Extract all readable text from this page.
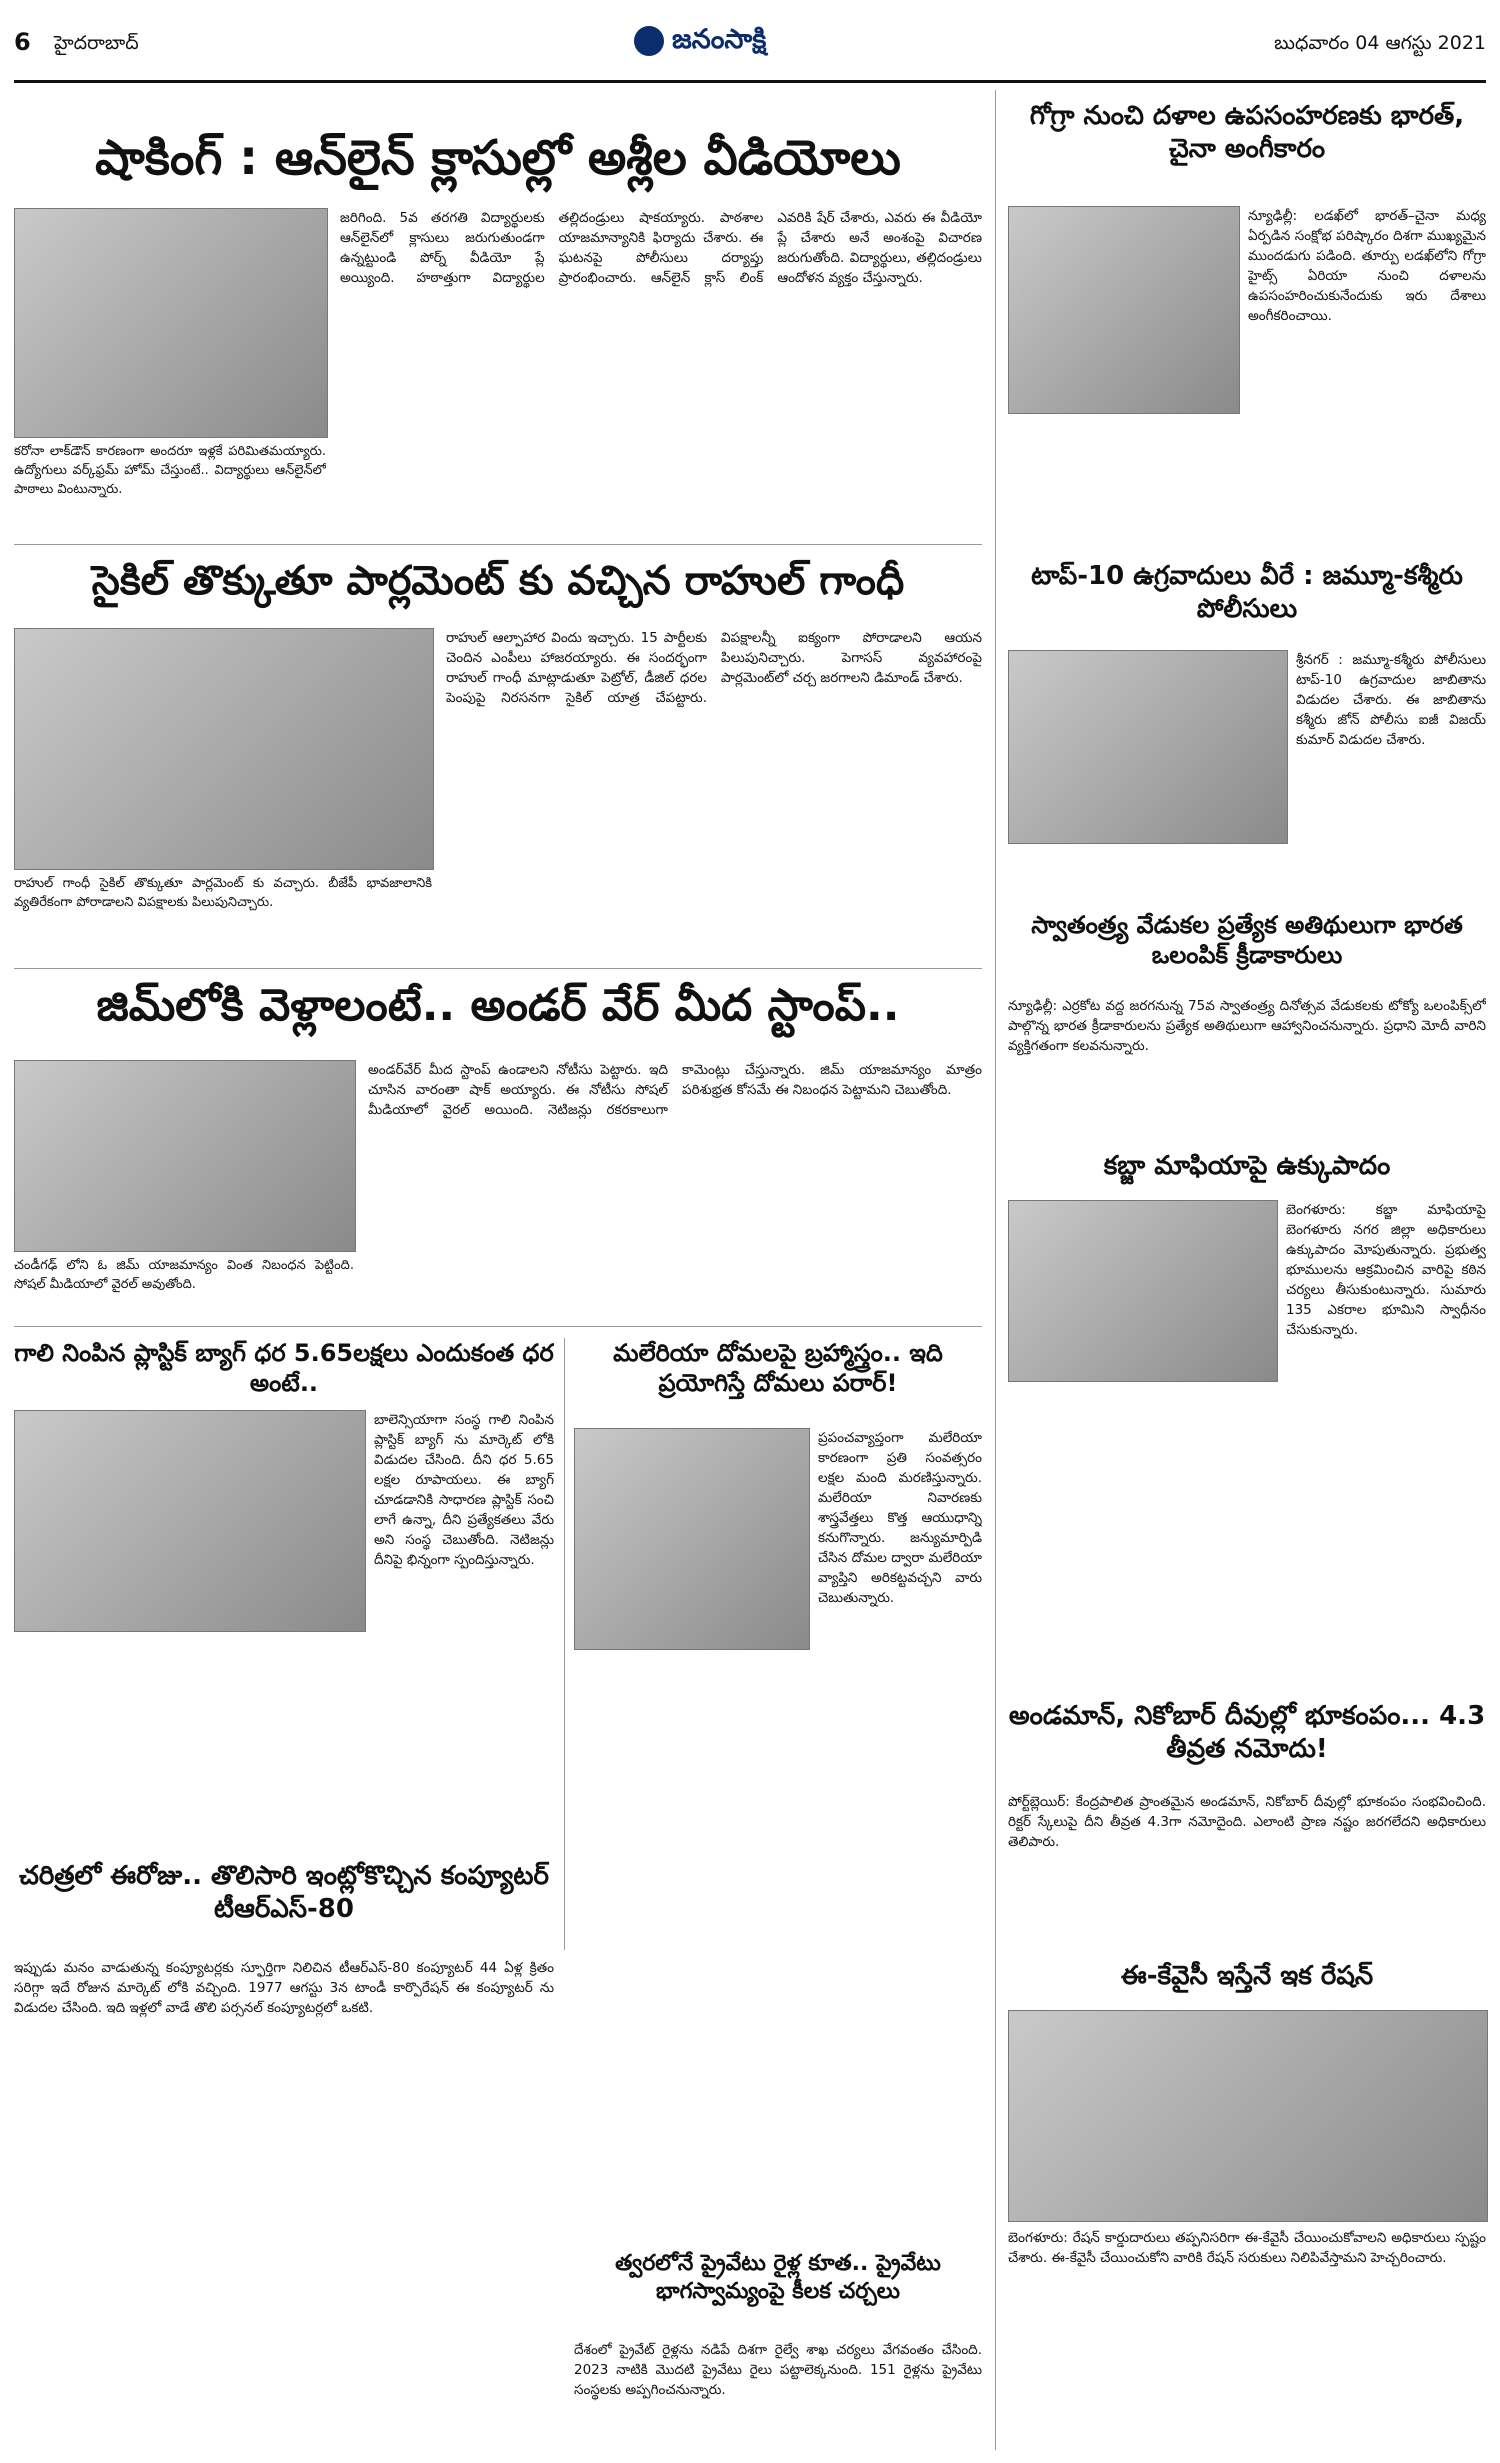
6 హైదరాబాద్	జనంసాక్షి	బుధవారం 04 ఆగస్టు 2021
షాకింగ్ : ఆన్‌లైన్ క్లాసుల్లో అశ్లీల వీడియోలు
కరోనా లాక్‌డౌన్ కారణంగా అందరూ ఇళ్లకే పరిమితమయ్యారు. ఉద్యోగులు వర్క్‌ఫ్రమ్ హోమ్ చేస్తుంటే.. విద్యార్థులు ఆన్‌లైన్‌లో పాఠాలు వింటున్నారు.
జరిగింది. 5వ తరగతి విద్యార్థులకు ఆన్‌లైన్‌లో క్లాసులు జరుగుతుండగా ఉన్నట్టుండి పోర్న్ వీడియో ప్లే అయ్యింది. హఠాత్తుగా విద్యార్థుల తల్లిదండ్రులు షాకయ్యారు. పాఠశాల యాజమాన్యానికి ఫిర్యాదు చేశారు. ఈ ఘటనపై పోలీసులు దర్యాప్తు ప్రారంభించారు. ఆన్‌లైన్ క్లాస్ లింక్ ఎవరికి షేర్ చేశారు, ఎవరు ఈ వీడియో ప్లే చేశారు అనే అంశంపై విచారణ జరుగుతోంది. విద్యార్థులు, తల్లిదండ్రులు ఆందోళన వ్యక్తం చేస్తున్నారు.
సైకిల్ తొక్కుతూ పార్లమెంట్ కు వచ్చిన రాహుల్ గాంధీ
రాహుల్ గాంధీ సైకిల్ తొక్కుతూ పార్లమెంట్ కు వచ్చారు. బీజేపీ భావజాలానికి వ్యతిరేకంగా పోరాడాలని విపక్షాలకు పిలుపునిచ్చారు.
రాహుల్ ఆల్పాహార విందు ఇచ్చారు. 15 పార్టీలకు చెందిన ఎంపీలు హాజరయ్యారు. ఈ సందర్భంగా రాహుల్ గాంధీ మాట్లాడుతూ పెట్రోల్, డీజిల్ ధరల పెంపుపై నిరసనగా సైకిల్ యాత్ర చేపట్టారు. విపక్షాలన్నీ ఐక్యంగా పోరాడాలని ఆయన పిలుపునిచ్చారు. పెగాసస్ వ్యవహారంపై పార్లమెంట్‌లో చర్చ జరగాలని డిమాండ్ చేశారు.
జిమ్‌లోకి వెళ్లాలంటే.. అండర్ వేర్ మీద స్టాంప్..
చండీగఢ్ లోని ఓ జిమ్ యాజమాన్యం వింత నిబంధన పెట్టింది. సోషల్ మీడియాలో వైరల్ అవుతోంది.
అండర్‌వేర్ మీద స్టాంప్ ఉండాలని నోటీసు పెట్టారు. ఇది చూసిన వారంతా షాక్ అయ్యారు. ఈ నోటీసు సోషల్ మీడియాలో వైరల్ అయింది. నెటిజన్లు రకరకాలుగా కామెంట్లు చేస్తున్నారు. జిమ్ యాజమాన్యం మాత్రం పరిశుభ్రత కోసమే ఈ నిబంధన పెట్టామని చెబుతోంది.
గాలి నింపిన ప్లాస్టిక్ బ్యాగ్ ధర 5.65లక్షలు ఎందుకంత ధర అంటే..
బాలెన్సియాగా సంస్థ గాలి నింపిన ప్లాస్టిక్ బ్యాగ్ ను మార్కెట్ లోకి విడుదల చేసింది. దీని ధర 5.65 లక్షల రూపాయలు. ఈ బ్యాగ్ చూడడానికి సాధారణ ప్లాస్టిక్ సంచి లాగే ఉన్నా, దీని ప్రత్యేకతలు వేరు అని సంస్థ చెబుతోంది. నెటిజన్లు దీనిపై భిన్నంగా స్పందిస్తున్నారు.
మలేరియా దోమలపై బ్రహ్మాస్త్రం.. ఇది ప్రయోగిస్తే దోమలు పరార్!
ప్రపంచవ్యాప్తంగా మలేరియా కారణంగా ప్రతి సంవత్సరం లక్షల మంది మరణిస్తున్నారు. మలేరియా నివారణకు శాస్త్రవేత్తలు కొత్త ఆయుధాన్ని కనుగొన్నారు. జన్యుమార్పిడి చేసిన దోమల ద్వారా మలేరియా వ్యాప్తిని అరికట్టవచ్చని వారు చెబుతున్నారు.
చరిత్రలో ఈరోజు.. తొలిసారి ఇంట్లోకొచ్చిన కంప్యూటర్ టీఆర్ఎస్-80
ఇప్పుడు మనం వాడుతున్న కంప్యూటర్లకు స్ఫూర్తిగా నిలిచిన టీఆర్ఎస్-80 కంప్యూటర్ 44 ఏళ్ల క్రితం సరిగ్గా ఇదే రోజున మార్కెట్ లోకి వచ్చింది. 1977 ఆగస్టు 3న టాండీ కార్పొరేషన్ ఈ కంప్యూటర్ ను విడుదల చేసింది. ఇది ఇళ్లలో వాడే తొలి పర్సనల్ కంప్యూటర్లలో ఒకటి.
త్వరలోనే ప్రైవేటు రైళ్ల కూత.. ప్రైవేటు భాగస్వామ్యంపై కీలక చర్చలు
దేశంలో ప్రైవేట్ రైళ్లను నడిపే దిశగా రైల్వే శాఖ చర్యలు వేగవంతం చేసింది. 2023 నాటికి మొదటి ప్రైవేటు రైలు పట్టాలెక్కనుంది. 151 రైళ్లను ప్రైవేటు సంస్థలకు అప్పగించనున్నారు.
గోగ్రా నుంచి దళాల ఉపసంహరణకు భారత్, చైనా అంగీకారం
న్యూఢిల్లీ: లడఖ్‌లో భారత్–చైనా మధ్య ఏర్పడిన సంక్షోభ పరిష్కారం దిశగా ముఖ్యమైన ముందడుగు పడింది. తూర్పు లడఖ్‌లోని గోగ్రా హైట్స్ ఏరియా నుంచి దళాలను ఉపసంహరించుకునేందుకు ఇరు దేశాలు అంగీకరించాయి.
టాప్-10 ఉగ్రవాదులు వీరే : జమ్మూ-కశ్మీరు పోలీసులు
శ్రీనగర్ : జమ్మూ-కశ్మీరు పోలీసులు టాప్-10 ఉగ్రవాదుల జాబితాను విడుదల చేశారు. ఈ జాబితాను కశ్మీరు జోన్ పోలీసు ఐజీ విజయ్ కుమార్ విడుదల చేశారు.
స్వాతంత్ర్య వేడుకల ప్రత్యేక అతిథులుగా భారత ఒలంపిక్ క్రీడాకారులు
న్యూఢిల్లీ: ఎర్రకోట వద్ద జరగనున్న 75వ స్వాతంత్ర్య దినోత్సవ వేడుకలకు టోక్యో ఒలంపిక్స్‌లో పాల్గొన్న భారత క్రీడాకారులను ప్రత్యేక అతిథులుగా ఆహ్వానించనున్నారు. ప్రధాని మోదీ వారిని వ్యక్తిగతంగా కలవనున్నారు.
కబ్జా మాఫియాపై ఉక్కుపాదం
బెంగళూరు: కబ్జా మాఫియాపై బెంగళూరు నగర జిల్లా అధికారులు ఉక్కుపాదం మోపుతున్నారు. ప్రభుత్వ భూములను ఆక్రమించిన వారిపై కఠిన చర్యలు తీసుకుంటున్నారు. సుమారు 135 ఎకరాల భూమిని స్వాధీనం చేసుకున్నారు.
అండమాన్, నికోబార్ దీవుల్లో భూకంపం... 4.3 తీవ్రత నమోదు!
పోర్ట్‌బ్లెయిర్: కేంద్రపాలిత ప్రాంతమైన అండమాన్, నికోబార్ దీవుల్లో భూకంపం సంభవించింది. రిక్టర్ స్కేలుపై దీని తీవ్రత 4.3గా నమోదైంది. ఎలాంటి ప్రాణ నష్టం జరగలేదని అధికారులు తెలిపారు.
ఈ-కేవైసీ ఇస్తేనే ఇక రేషన్
బెంగళూరు: రేషన్ కార్డుదారులు తప్పనిసరిగా ఈ-కేవైసీ చేయించుకోవాలని అధికారులు స్పష్టం చేశారు. ఈ-కేవైసీ చేయించుకోని వారికి రేషన్ సరుకులు నిలిపివేస్తామని హెచ్చరించారు.
